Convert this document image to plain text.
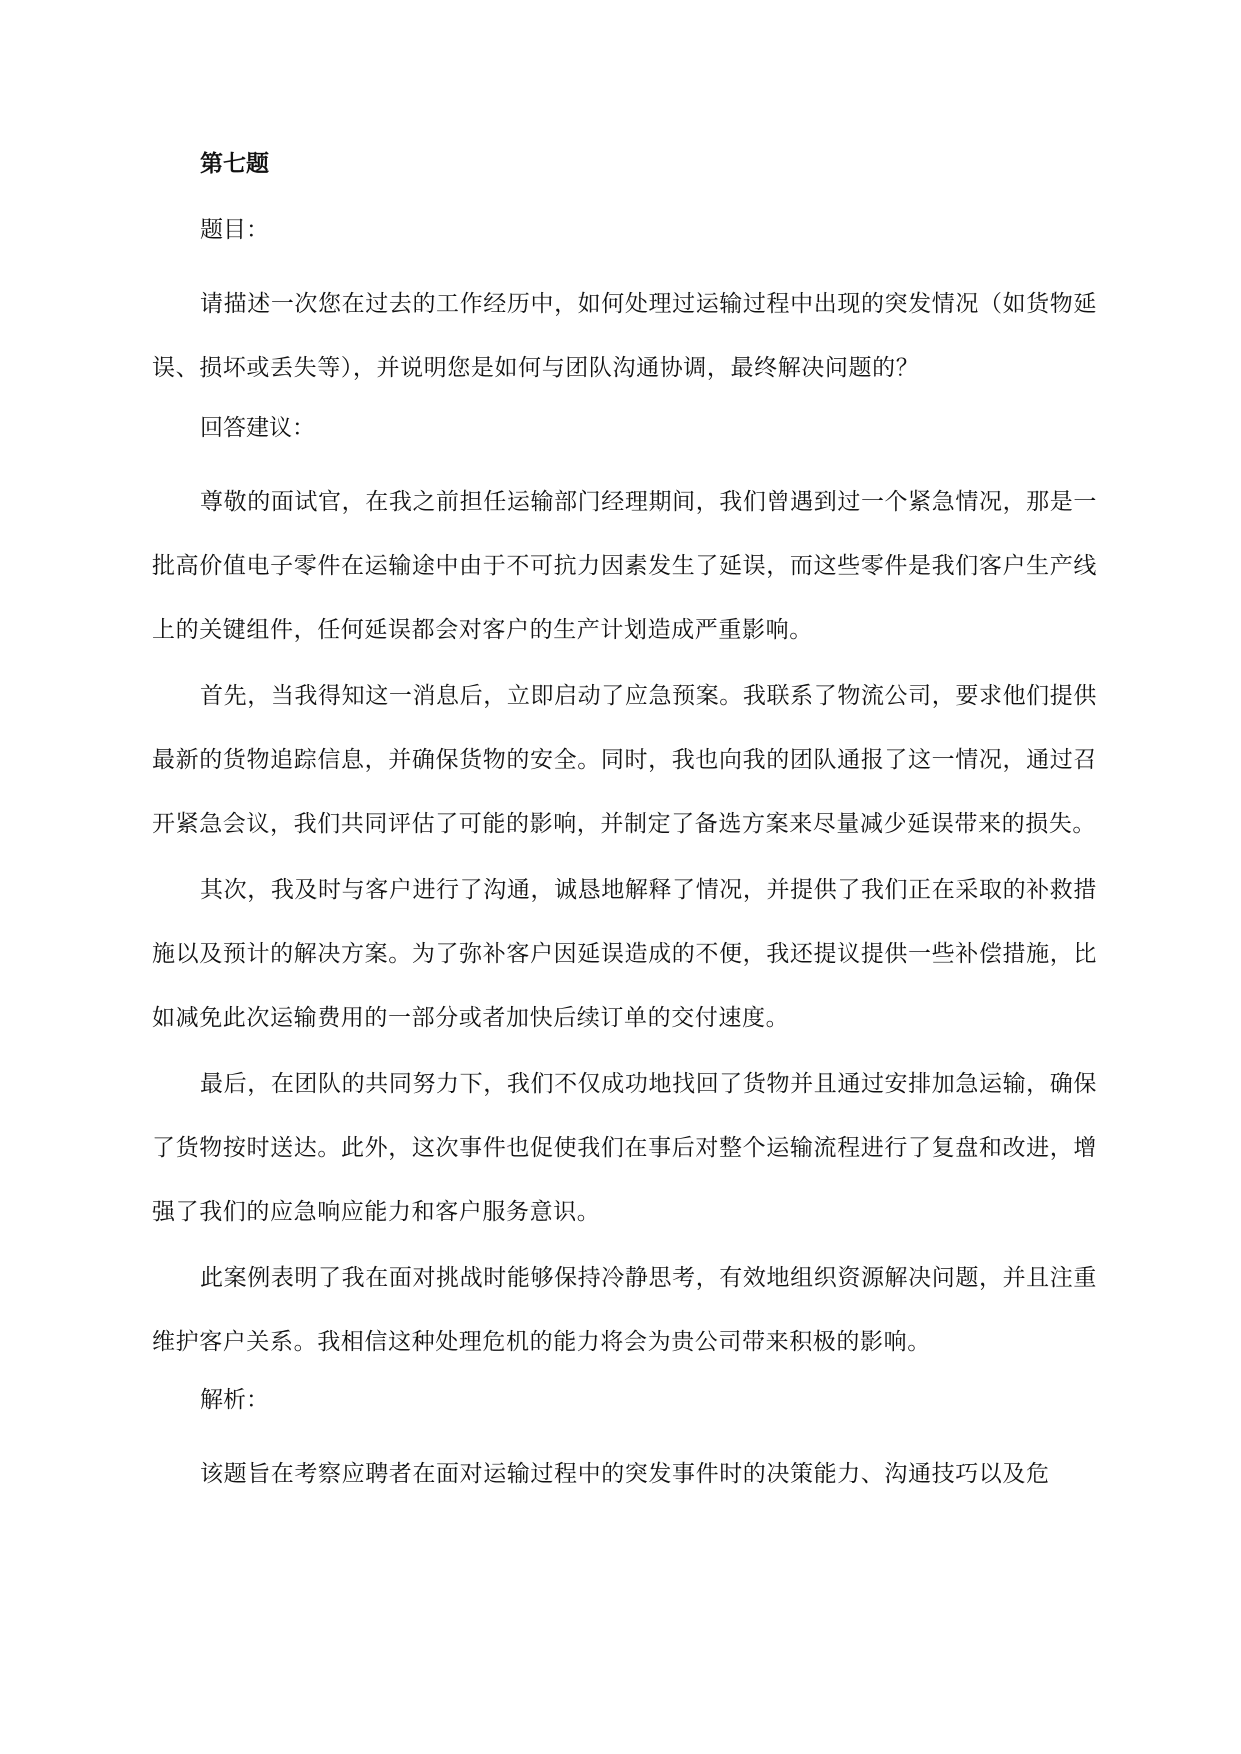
第七题
题目：

请描述一次您在过去的工作经历中，如何处理过运输过程中出现的突发情况（如货物延误、损坏或丢失等），并说明您是如何与团队沟通协调，最终解决问题的？

回答建议：

尊敬的面试官，在我之前担任运输部门经理期间，我们曾遇到过一个紧急情况，那是一批高价值电子零件在运输途中由于不可抗力因素发生了延误，而这些零件是我们客户生产线上的关键组件，任何延误都会对客户的生产计划造成严重影响。

首先，当我得知这一消息后，立即启动了应急预案。我联系了物流公司，要求他们提供最新的货物追踪信息，并确保货物的安全。同时，我也向我的团队通报了这一情况，通过召开紧急会议，我们共同评估了可能的影响，并制定了备选方案来尽量减少延误带来的损失。

其次，我及时与客户进行了沟通，诚恳地解释了情况，并提供了我们正在采取的补救措施以及预计的解决方案。为了弥补客户因延误造成的不便，我还提议提供一些补偿措施，比如减免此次运输费用的一部分或者加快后续订单的交付速度。

最后，在团队的共同努力下，我们不仅成功地找回了货物并且通过安排加急运输，确保了货物按时送达。此外，这次事件也促使我们在事后对整个运输流程进行了复盘和改进，增强了我们的应急响应能力和客户服务意识。

此案例表明了我在面对挑战时能够保持冷静思考，有效地组织资源解决问题，并且注重维护客户关系。我相信这种处理危机的能力将会为贵公司带来积极的影响。

解析：

该题旨在考察应聘者在面对运输过程中的突发事件时的决策能力、沟通技巧以及危
